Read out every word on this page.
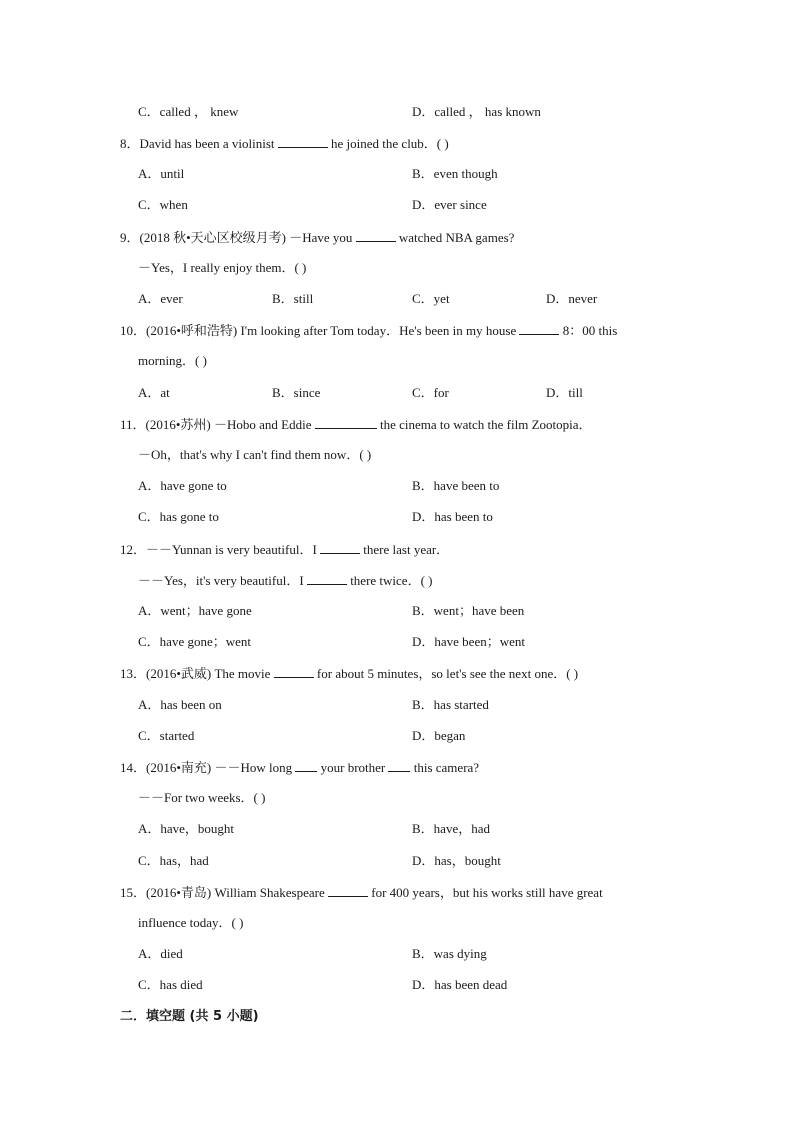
C．called ， knew	D．called ， has known
8．David has been a violinist	he joined the club．( )
A．until	B．even though
C．when	D．ever since
9．(2018 秋•天心区校级月考) －Have you	watched NBA games?
－Yes，I really enjoy them．( )
A．ever	B．still	C．yet	D．never
10．(2016•呼和浩特) I'm looking after Tom today．He's been in my house	8：00 this
morning．( )
A．at	B．since	C．for	D．till
11．(2016•苏州) －Hobo and Eddie	the cinema to watch the film Zootopia．
－Oh，that's why I can't find them now．( )
A．have gone to	B．have been to
C．has gone to	D．has been to
12．－－Yunnan is very beautiful．I	there last year．
－－Yes，it's very beautiful．I	there twice．( )
A．went；have gone	B．went；have been
C．have gone；went	D．have been；went
13．(2016•武威) The movie	for about 5 minutes，so let's see the next one．( )
A．has been on	B．has started
C．started	D．began
14．(2016•南充) －－How long your brother this camera?
－－For two weeks．( )
A．have，bought	B．have，had
C．has，had	D．has，bought
15．(2016•青岛) William Shakespeare	for 400 years，but his works still have great
influence today．( )
A．died	B．was dying
C．has died	D．has been dead
二．填空题 (共 5 小题)
